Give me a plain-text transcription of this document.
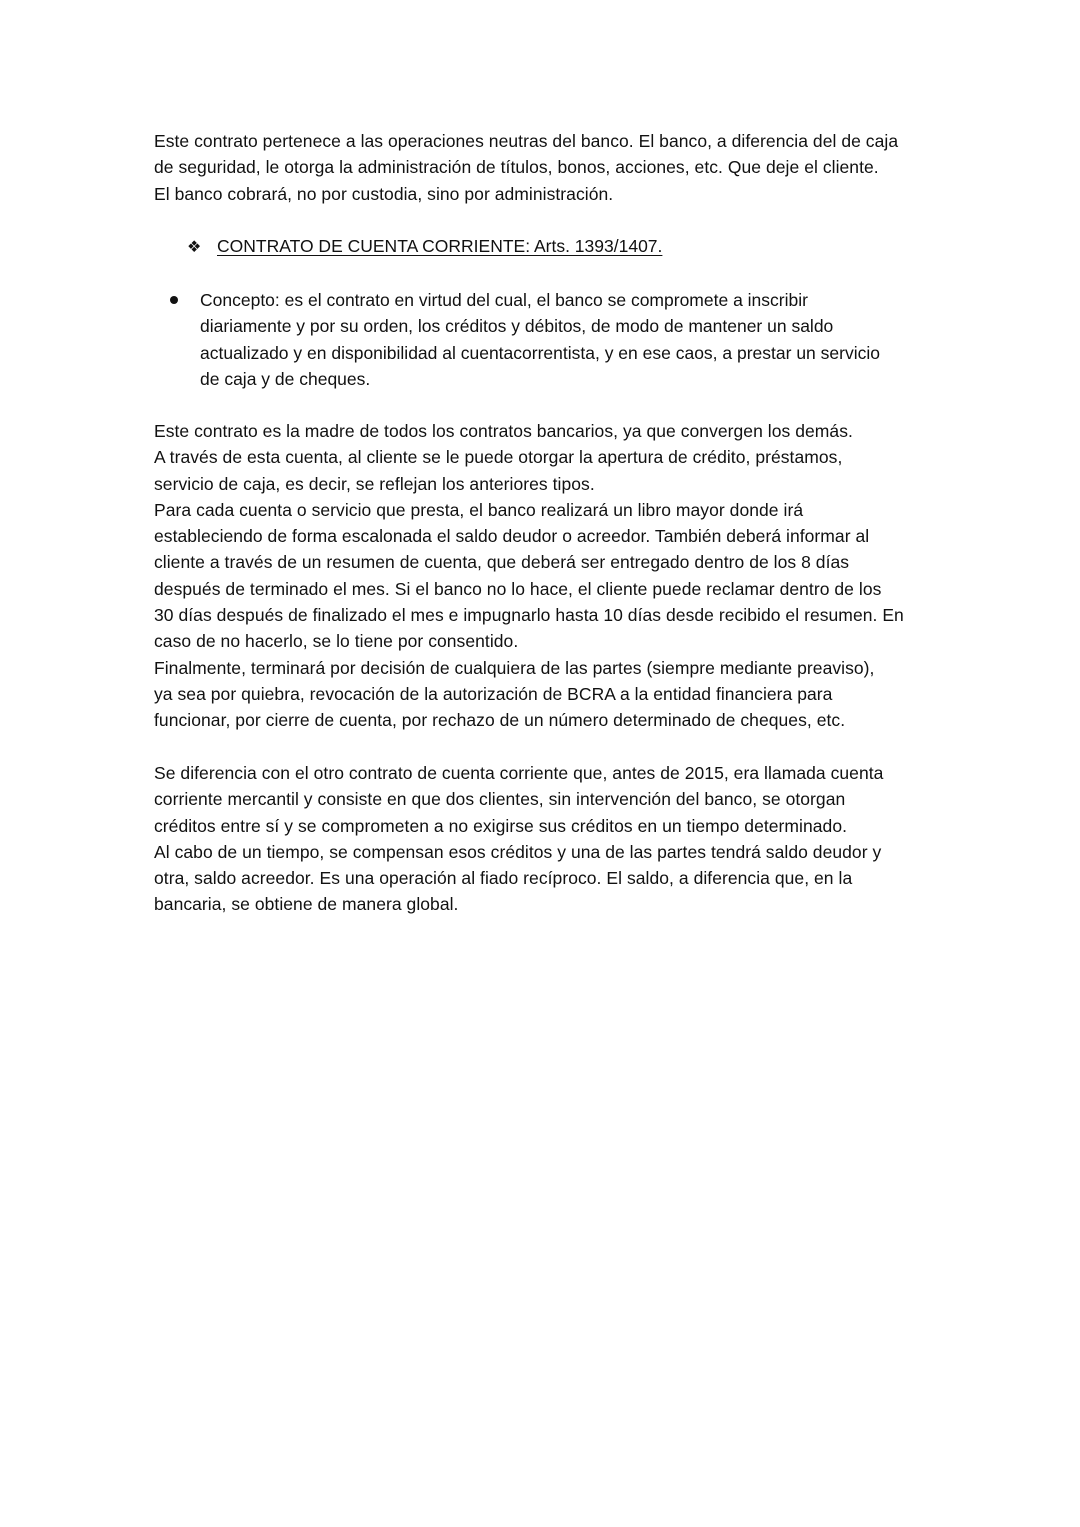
Este contrato pertenece a las operaciones neutras del banco. El banco, a diferencia del de caja
de seguridad, le otorga la administración de títulos, bonos, acciones, etc. Que deje el cliente.
El banco cobrará, no por custodia, sino por administración.
❖ CONTRATO DE CUENTA CORRIENTE: Arts. 1393/1407.
Concepto: es el contrato en virtud del cual, el banco se compromete a inscribir
diariamente y por su orden, los créditos y débitos, de modo de mantener un saldo
actualizado y en disponibilidad al cuentacorrentista, y en ese caos, a prestar un servicio
de caja y de cheques.
Este contrato es la madre de todos los contratos bancarios, ya que convergen los demás.
A través de esta cuenta, al cliente se le puede otorgar la apertura de crédito, préstamos,
servicio de caja, es decir, se reflejan los anteriores tipos.
Para cada cuenta o servicio que presta, el banco realizará un libro mayor donde irá
estableciendo de forma escalonada el saldo deudor o acreedor. También deberá informar al
cliente a través de un resumen de cuenta, que deberá ser entregado dentro de los 8 días
después de terminado el mes. Si el banco no lo hace, el cliente puede reclamar dentro de los
30 días después de finalizado el mes e impugnarlo hasta 10 días desde recibido el resumen. En
caso de no hacerlo, se lo tiene por consentido.
Finalmente, terminará por decisión de cualquiera de las partes (siempre mediante preaviso),
ya sea por quiebra, revocación de la autorización de BCRA a la entidad financiera para
funcionar, por cierre de cuenta, por rechazo de un número determinado de cheques, etc.
Se diferencia con el otro contrato de cuenta corriente que, antes de 2015, era llamada cuenta
corriente mercantil y consiste en que dos clientes, sin intervención del banco, se otorgan
créditos entre sí y se comprometen a no exigirse sus créditos en un tiempo determinado.
Al cabo de un tiempo, se compensan esos créditos y una de las partes tendrá saldo deudor y
otra, saldo acreedor. Es una operación al fiado recíproco. El saldo, a diferencia que, en la
bancaria, se obtiene de manera global.
